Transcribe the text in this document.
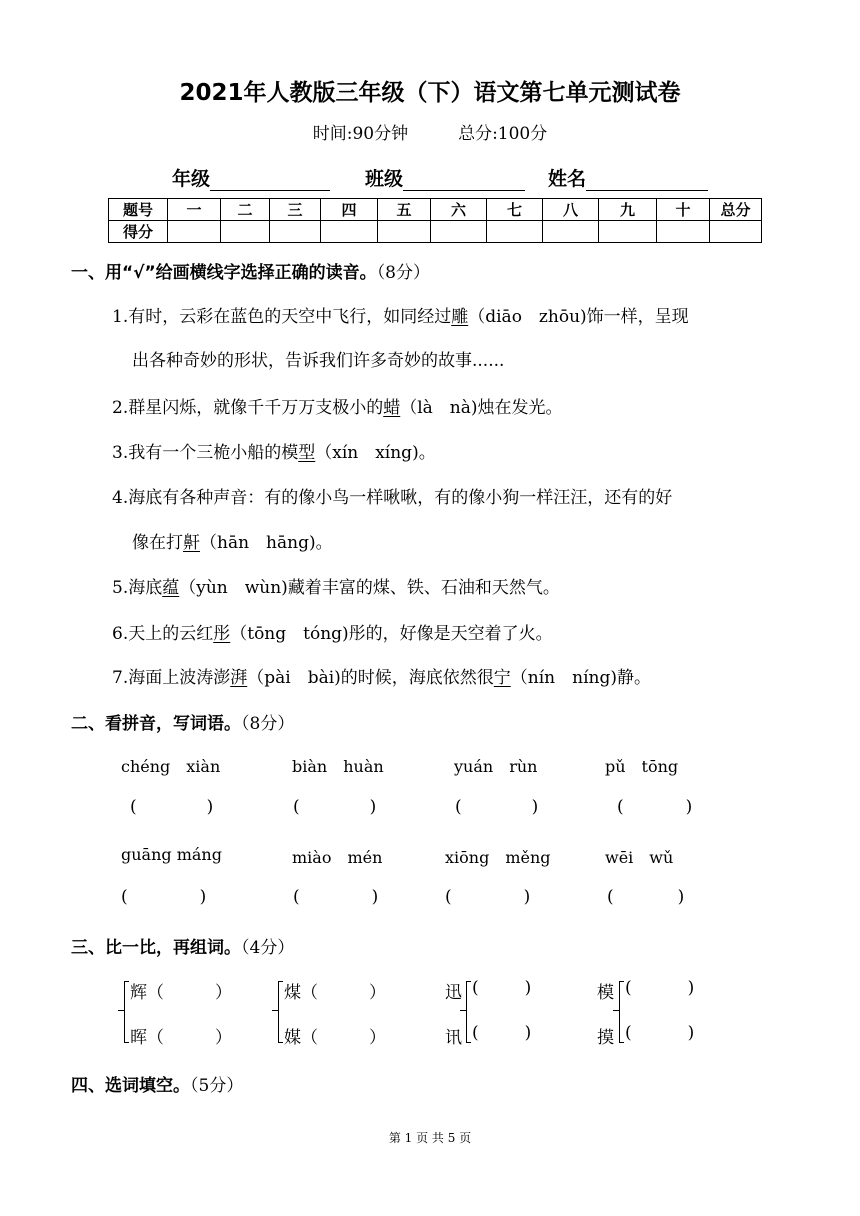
2021年人教版三年级（下）语文第七单元测试卷
时间:90分钟	总分:100分
年级	班级	姓名
题号	一	二	三	四	五	六	七	八	九	十	总分
得分											
一、用“√”给画横线字选择正确的读音。（8分）
1.有时，云彩在蓝色的天空中飞行，如同经过雕（diāo　zhōu)饰一样，呈现
出各种奇妙的形状，告诉我们许多奇妙的故事......
2.群星闪烁，就像千千万万支极小的蜡（là　nà)烛在发光。
3.我有一个三桅小船的模型（xín　xíng)。
4.海底有各种声音：有的像小鸟一样啾啾，有的像小狗一样汪汪，还有的好
像在打鼾（hān　hāng)。
5.海底蕴（yùn　wùn)藏着丰富的煤、铁、石油和天然气。
6.天上的云红彤（tōng　tóng)彤的，好像是天空着了火。
7.海面上波涛澎湃（pài　bài)的时候，海底依然很宁（nín　níng)静。
二、看拼音，写词语。（8分）
chéng　xiàn	biàn　huàn	yuán　rùn	pǔ　tōng
(	)	(	)	(	)	(	)
guāng máng	miào　mén	xiōng　měng	wēi　wǔ
(	)	(	)	(	)	(	)
三、比一比，再组词。（4分）
辉（　　　）
晖（　　　）
煤（　　　）
媒（　　　）
迅
讯
(	)
(	)
模
摸
(	)
(	)
四、选词填空。（5分）
第 1 页 共 5 页
